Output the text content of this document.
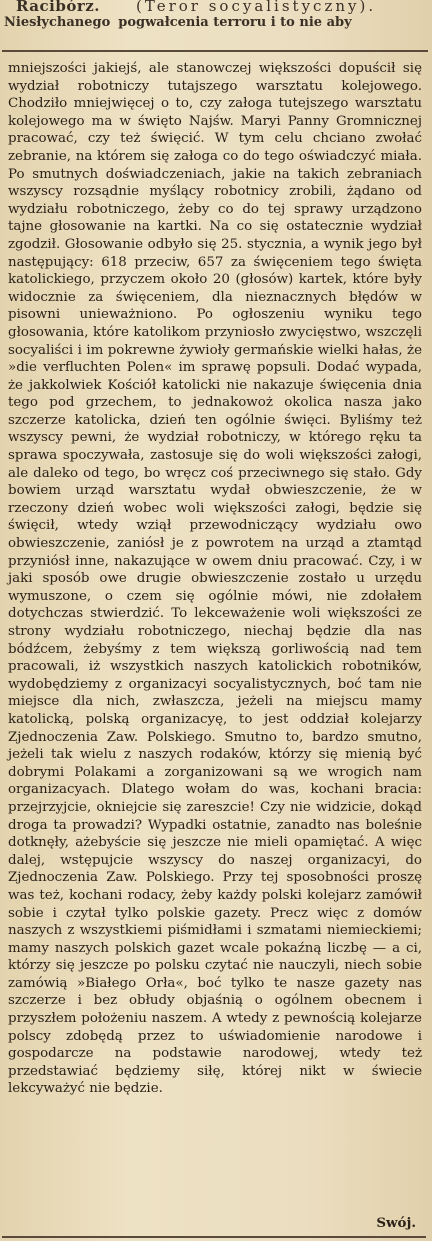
Racibórz. (Teror socyalistyczny).
Niesłychanego pogwałcenia terroru i to nie aby

mniejszości jakiejś, ale stanowczej większości dopuścił się wydział robotniczy tutajszego warsztatu kolejowego. Chodziło mniejwięcej o to, czy załoga tutejszego warsztatu kolejowego ma w święto Najśw. Maryi Panny Gromnicznej pracować, czy też święcić. W tym celu chciano zwołać zebranie, na którem się załoga co do tego oświadczyć miała. Po smutnych doświadczeniach, jakie na takich zebraniach wszyscy rozsądnie myślący robotnicy zrobili, żądano od wydziału robotniczego, żeby co do tej sprawy urządzono tajne głosowanie na kartki. Na co się ostatecznie wydział zgodził. Głosowanie odbyło się 25. stycznia, a wynik jego był następujący: 618 przeciw, 657 za święceniem tego święta katolickiego, przyczem około 20 (głosów) kartek, które były widocznie za święceniem, dla nieznacznych błędów w pisowni unieważniono. Po ogłoszeniu wyniku tego głosowania, które katolikom przyniosło zwycięstwo, wszczęli socyaliści i im pokrewne żywioły germańskie wielki hałas, że »die verfluchten Polen« im sprawę popsuli. Dodać wypada, że jakkolwiek Kościół katolicki nie nakazuje święcenia dnia tego pod grzechem, to jednakowoż okolica nasza jako szczerze katolicka, dzień ten ogólnie święci. Byliśmy też wszyscy pewni, że wydział robotniczy, w którego ręku ta sprawa spoczywała, zastosuje się do woli większości załogi, ale daleko od tego, bo wręcz coś przeciwnego się stało. Gdy bowiem urząd warsztatu wydał obwieszczenie, że w rzeczony dzień wobec woli większości załogi, będzie się święcił, wtedy wziął przewodniczący wydziału owo obwieszczenie, zaniósł je z powrotem na urząd a ztamtąd przyniósł inne, nakazujące w owem dniu pracować. Czy, i w jaki sposób owe drugie obwieszczenie zostało u urzędu wymuszone, o czem się ogólnie mówi, nie zdołałem dotychczas stwierdzić. To lekceważenie woli większości ze strony wydziału robotniczego, niechaj będzie dla nas bódźcem, żebyśmy z tem większą gorliwością nad tem pracowali, iż wszystkich naszych katolickich robotników, wydobędziemy z organizacyi socyalistycznych, boć tam nie miejsce dla nich, zwłaszcza, jeżeli na miejscu mamy katolicką, polską organizacyę, to jest oddział kolejarzy Zjednoczenia Zaw. Polskiego. Smutno to, bardzo smutno, jeżeli tak wielu z naszych rodaków, którzy się mienią być dobrymi Polakami a zorganizowani są we wrogich nam organizacyach. Dlatego wołam do was, kochani bracia: przejrzyjcie, okniejcie się zareszcie! Czy nie widzicie, dokąd droga ta prowadzi? Wypadki ostatnie, zanadto nas boleśnie dotknęły, ażebyście się jeszcze nie mieli opamiętać. A więc dalej, wstępujcie wszyscy do naszej organizacyi, do Zjednoczenia Zaw. Polskiego. Przy tej sposobności proszę was też, kochani rodacy, żeby każdy polski kolejarz zamówił sobie i czytał tylko polskie gazety. Precz więc z domów naszych z wszystkiemi piśmidłami i szmatami niemieckiemi; mamy naszych polskich gazet wcale pokaźną liczbę — a ci, którzy się jeszcze po polsku czytać nie nauczyli, niech sobie zamówią »Białego Orła«, boć tylko te nasze gazety nas szczerze i bez obłudy objaśnią o ogólnem obecnem i przyszłem położeniu naszem. A wtedy z pewnością kolejarze polscy zdobędą przez to uświadomienie narodowe i gospodarcze na podstawie narodowej, wtedy też przedstawiać będziemy siłę, której nikt w świecie lekcyważyć nie będzie.

Swój.
